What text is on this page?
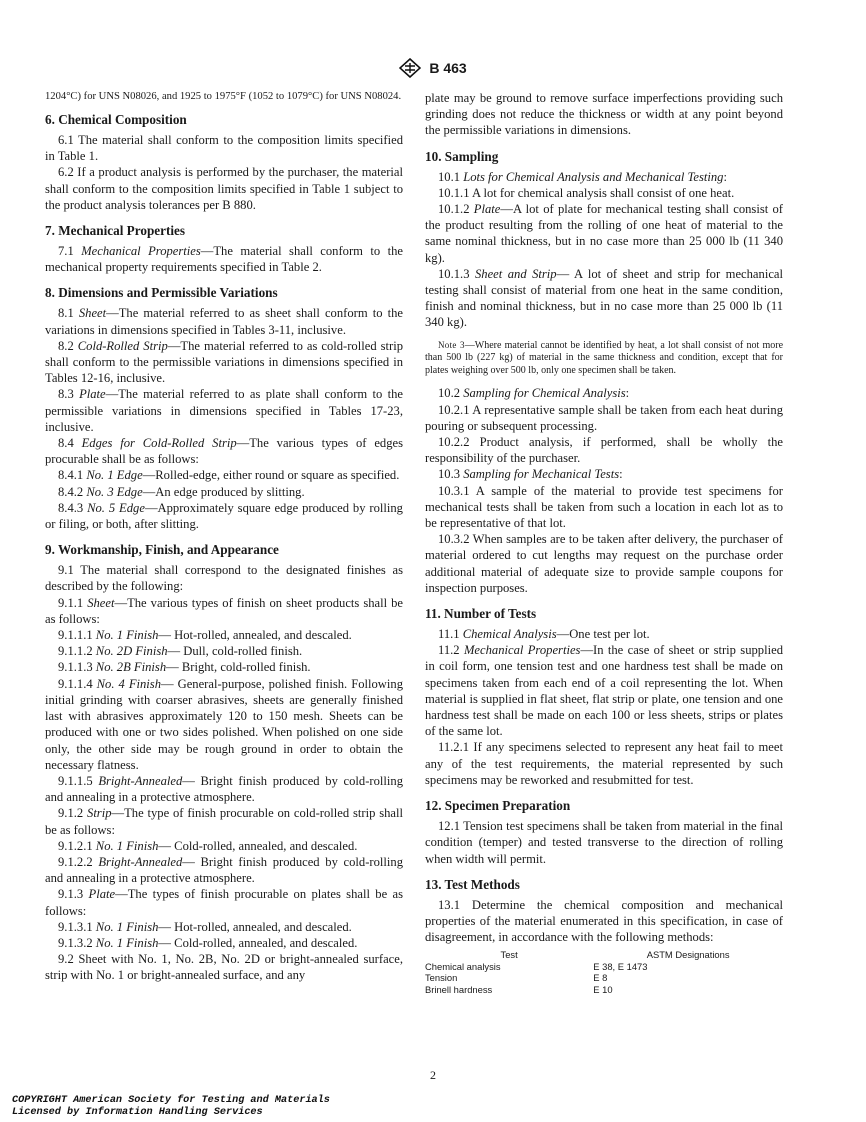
B 463

1204°C) for UNS N08026, and 1925 to 1975°F (1052 to 1079°C) for UNS N08024.

6. Chemical Composition

6.1 The material shall conform to the composition limits specified in Table 1.

6.2 If a product analysis is performed by the purchaser, the material shall conform to the composition limits specified in Table 1 subject to the product analysis tolerances per B 880.

7. Mechanical Properties

7.1 Mechanical Properties—The material shall conform to the mechanical property requirements specified in Table 2.

8. Dimensions and Permissible Variations

8.1 Sheet—The material referred to as sheet shall conform to the variations in dimensions specified in Tables 3-11, inclusive.

8.2 Cold-Rolled Strip—The material referred to as cold-rolled strip shall conform to the permissible variations in dimensions specified in Tables 12-16, inclusive.

8.3 Plate—The material referred to as plate shall conform to the permissible variations in dimensions specified in Tables 17-23, inclusive.

8.4 Edges for Cold-Rolled Strip—The various types of edges procurable shall be as follows:

8.4.1 No. 1 Edge—Rolled-edge, either round or square as specified.

8.4.2 No. 3 Edge—An edge produced by slitting.

8.4.3 No. 5 Edge—Approximately square edge produced by rolling or filing, or both, after slitting.

9. Workmanship, Finish, and Appearance

9.1 The material shall correspond to the designated finishes as described by the following:

9.1.1 Sheet—The various types of finish on sheet products shall be as follows:

9.1.1.1 No. 1 Finish— Hot-rolled, annealed, and descaled.

9.1.1.2 No. 2D Finish— Dull, cold-rolled finish.

9.1.1.3 No. 2B Finish— Bright, cold-rolled finish.

9.1.1.4 No. 4 Finish— General-purpose, polished finish. Following initial grinding with coarser abrasives, sheets are generally finished last with abrasives approximately 120 to 150 mesh. Sheets can be produced with one or two sides polished. When polished on one side only, the other side may be rough ground in order to obtain the necessary flatness.

9.1.1.5 Bright-Annealed— Bright finish produced by cold-rolling and annealing in a protective atmosphere.

9.1.2 Strip—The type of finish procurable on cold-rolled strip shall be as follows:

9.1.2.1 No. 1 Finish— Cold-rolled, annealed, and descaled.

9.1.2.2 Bright-Annealed— Bright finish produced by cold-rolling and annealing in a protective atmosphere.

9.1.3 Plate—The types of finish procurable on plates shall be as follows:

9.1.3.1 No. 1 Finish— Hot-rolled, annealed, and descaled.

9.1.3.2 No. 1 Finish— Cold-rolled, annealed, and descaled.

9.2 Sheet with No. 1, No. 2B, No. 2D or bright-annealed surface, strip with No. 1 or bright-annealed surface, and any

plate may be ground to remove surface imperfections providing such grinding does not reduce the thickness or width at any point beyond the permissible variations in dimensions.

10. Sampling

10.1 Lots for Chemical Analysis and Mechanical Testing:

10.1.1 A lot for chemical analysis shall consist of one heat.

10.1.2 Plate—A lot of plate for mechanical testing shall consist of the product resulting from the rolling of one heat of material to the same nominal thickness, but in no case more than 25 000 lb (11 340 kg).

10.1.3 Sheet and Strip— A lot of sheet and strip for mechanical testing shall consist of material from one heat in the same condition, finish and nominal thickness, but in no case more than 25 000 lb (11 340 kg).

Note 3—Where material cannot be identified by heat, a lot shall consist of not more than 500 lb (227 kg) of material in the same thickness and condition, except that for plates weighing over 500 lb, only one specimen shall be taken.

10.2 Sampling for Chemical Analysis:

10.2.1 A representative sample shall be taken from each heat during pouring or subsequent processing.

10.2.2 Product analysis, if performed, shall be wholly the responsibility of the purchaser.

10.3 Sampling for Mechanical Tests:

10.3.1 A sample of the material to provide test specimens for mechanical tests shall be taken from such a location in each lot as to be representative of that lot.

10.3.2 When samples are to be taken after delivery, the purchaser of material ordered to cut lengths may request on the purchase order additional material of adequate size to provide sample coupons for inspection purposes.

11. Number of Tests

11.1 Chemical Analysis—One test per lot.

11.2 Mechanical Properties—In the case of sheet or strip supplied in coil form, one tension test and one hardness test shall be made on specimens taken from each end of a coil representing the lot. When material is supplied in flat sheet, flat strip or plate, one tension and one hardness test shall be made on each 100 or less sheets, strips or plates of the same lot.

11.2.1 If any specimens selected to represent any heat fail to meet any of the test requirements, the material represented by such specimens may be reworked and resubmitted for test.

12. Specimen Preparation

12.1 Tension test specimens shall be taken from material in the final condition (temper) and tested transverse to the direction of rolling when width will permit.

13. Test Methods

13.1 Determine the chemical composition and mechanical properties of the material enumerated in this specification, in case of disagreement, in accordance with the following methods:

Test	ASTM Designations
Chemical analysis	E 38, E 1473
Tension	E 8
Brinell hardness	E 10
2
COPYRIGHT American Society for Testing and Materials
Licensed by Information Handling Services
